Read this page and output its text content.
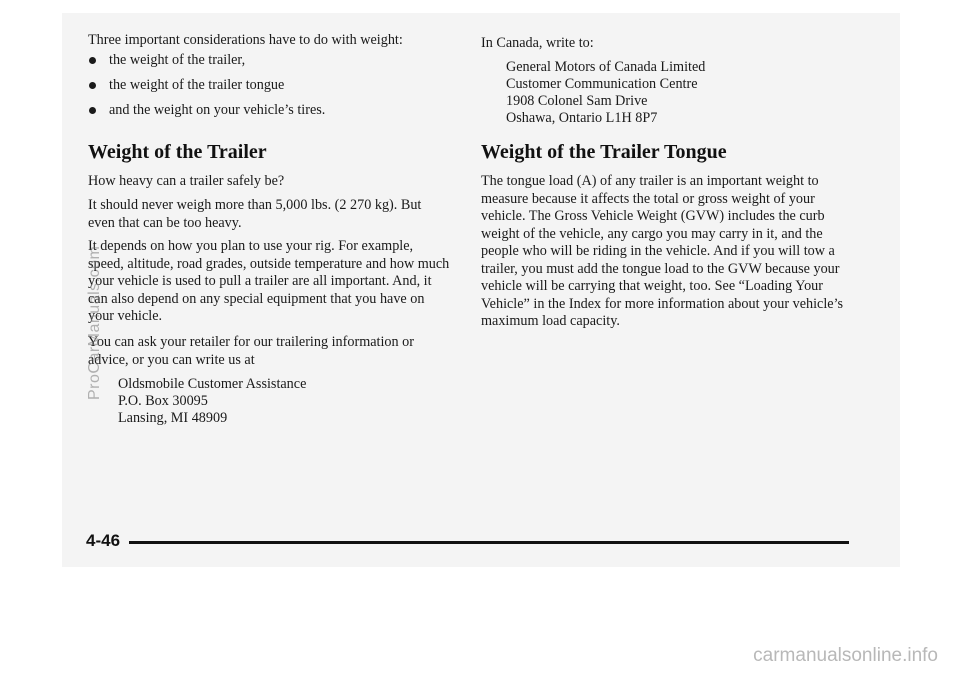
Three important considerations have to do with weight:

the weight of the trailer,
the weight of the trailer tongue
and the weight on your vehicle’s tires.
Weight of the Trailer

How heavy can a trailer safely be?

It should never weigh more than 5,000 lbs. (2 270 kg). But even that can be too heavy.

It depends on how you plan to use your rig. For example, speed, altitude, road grades, outside temperature and how much your vehicle is used to pull a trailer are all important. And, it can also depend on any special equipment that you have on your vehicle.

You can ask your retailer for our trailering information or advice, or you can write us at

Oldsmobile Customer Assistance
P.O. Box 30095
Lansing, MI 48909

In Canada, write to:

General Motors of Canada Limited
Customer Communication Centre
1908 Colonel Sam Drive
Oshawa, Ontario L1H 8P7
Weight of the Trailer Tongue

The tongue load (A) of any trailer is an important weight to measure because it affects the total or gross weight of your vehicle. The Gross Vehicle Weight (GVW) includes the curb weight of the vehicle, any cargo you may carry in it, and the people who will be riding in the vehicle. And if you will tow a trailer, you must add the tongue load to the GVW because your vehicle will be carrying that weight, too. See “Loading Your Vehicle” in the Index for more information about your vehicle’s maximum load capacity.

4-46
ProCarManuals.com
carmanualsonline.info
